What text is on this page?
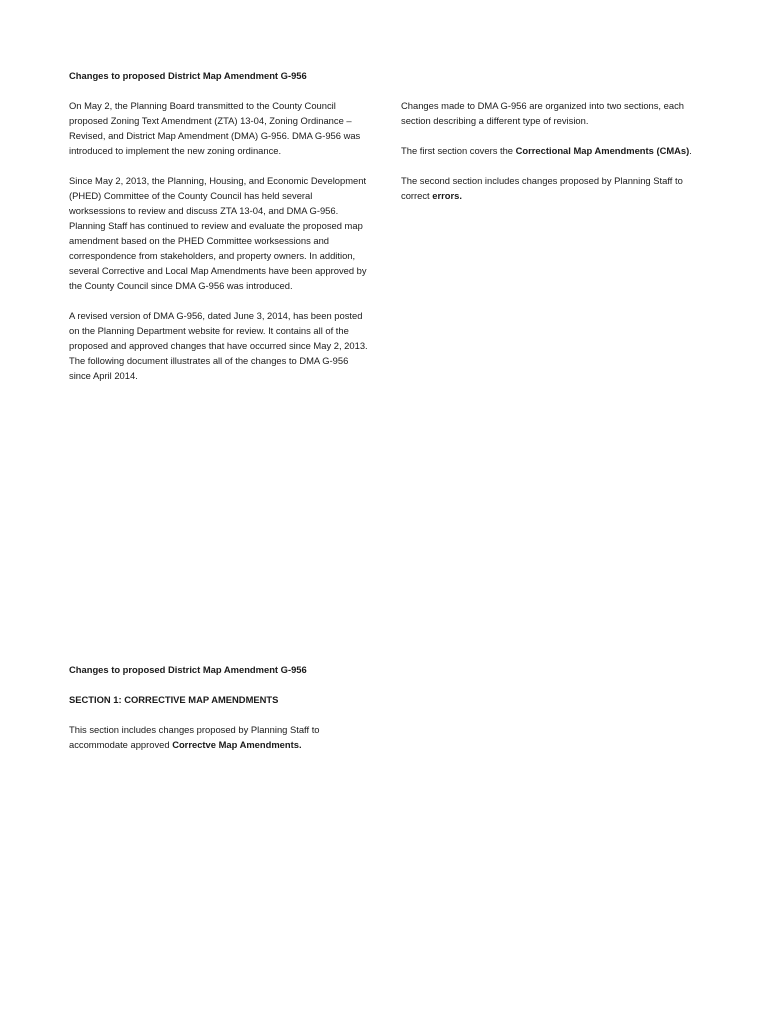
Changes to proposed District Map Amendment G-956

On May 2, the Planning Board transmitted to the County Council proposed Zoning Text Amendment (ZTA) 13-04, Zoning Ordinance – Revised, and District Map Amendment (DMA) G-956. DMA G-956 was introduced to implement the new zoning ordinance.

Since May 2, 2013, the Planning, Housing, and Economic Development (PHED) Committee of the County Council has held several worksessions to review and discuss ZTA 13-04, and DMA G-956. Planning Staff has continued to review and evaluate the proposed map amendment based on the PHED Committee worksessions and correspondence from stakeholders, and property owners. In addition, several Corrective and Local Map Amendments have been approved by the County Council since DMA G-956 was introduced.

A revised version of DMA G-956, dated June 3, 2014, has been posted on the Planning Department website for review. It contains all of the proposed and approved changes that have occurred since May 2, 2013. The following document illustrates all of the changes to DMA G-956 since April 2014.

Changes made to DMA G-956 are organized into two sections, each section describing a different type of revision.

The first section covers the Correctional Map Amendments (CMAs).

The second section includes changes proposed by Planning Staff to correct errors.

Changes to proposed District Map Amendment G-956

SECTION 1: CORRECTIVE MAP AMENDMENTS

This section includes changes proposed by Planning Staff to accommodate approved Correctve Map Amendments.
